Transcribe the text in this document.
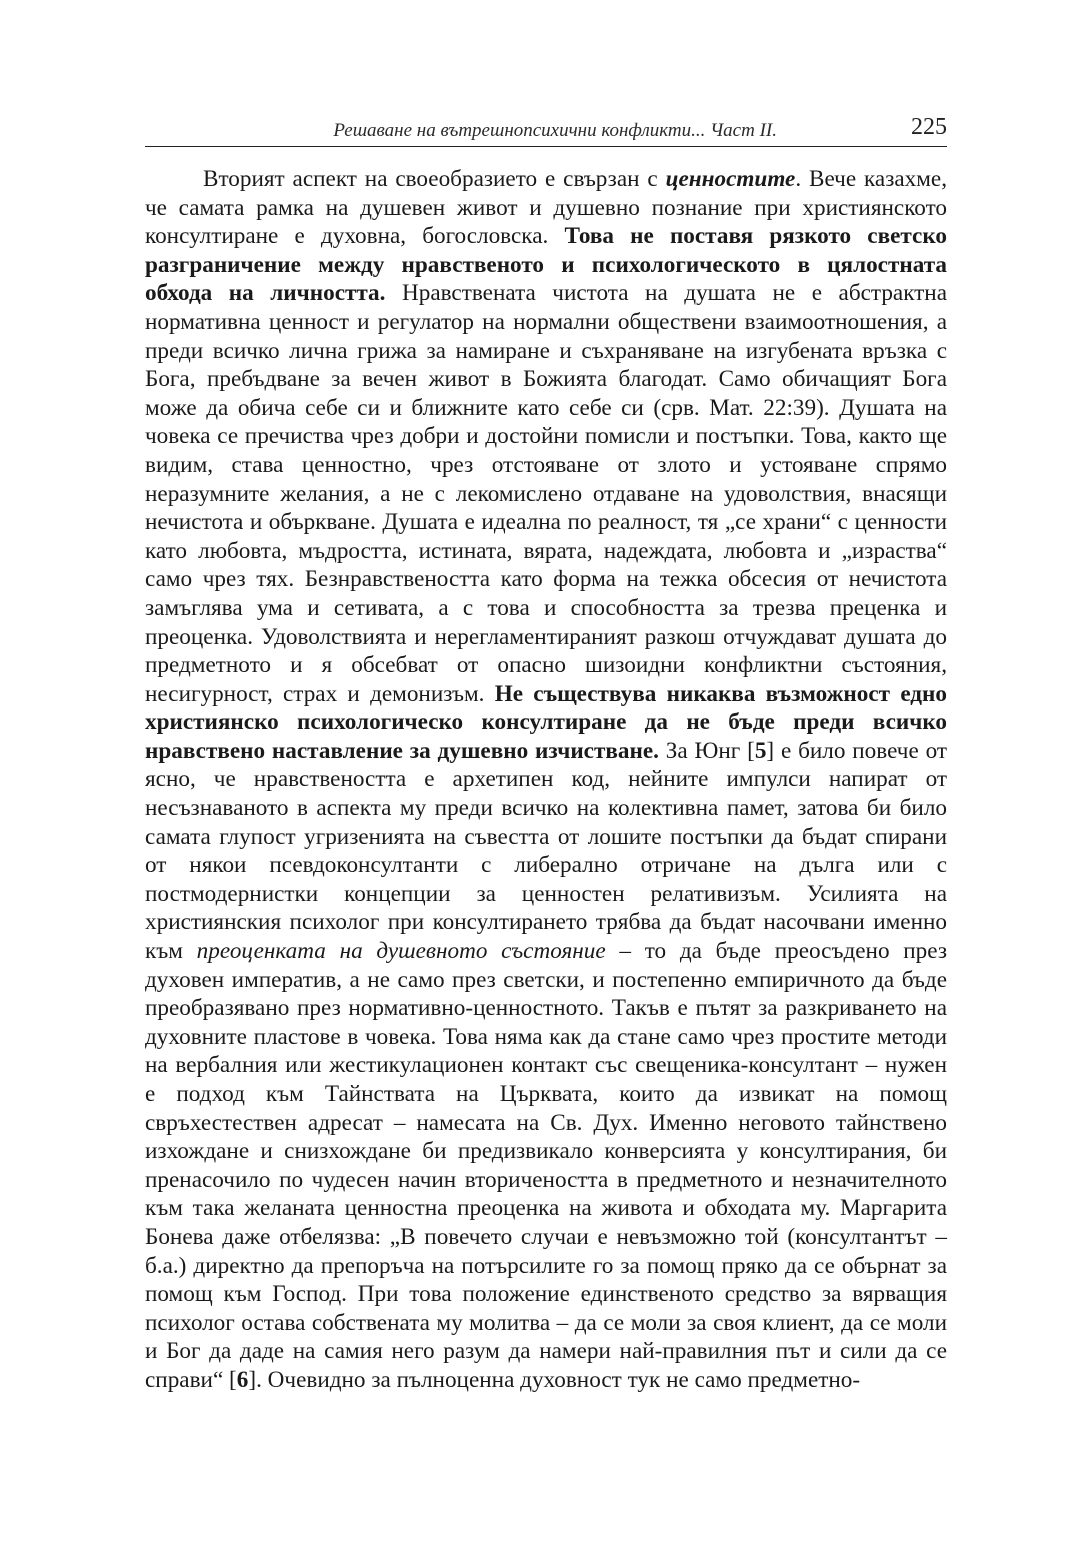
Решаване на вътрешнопсихични конфликти... Част II.	225

Вторият аспект на своеобразието е свързан с ценностите. Вече казахме, че самата рамка на душевен живот и душевно познание при християнското консултиране е духовна, богословска. Това не поставя рязкото светско разграничение между нравственото и психологическото в цялостната обхода на личността. Нравствената чистота на душата не е абстрактна нормативна ценност и регулатор на нормални обществени взаимоотношения, а преди всичко лична грижа за намиране и съхраняване на изгубената връзка с Бога, пребъдване за вечен живот в Божията благодат. Само обичащият Бога може да обича себе си и ближните като себе си (срв. Мат. 22:39). Душата на човека се пречиства чрез добри и достойни помисли и постъпки. Това, както ще видим, става ценностно, чрез отстояване от злото и устояване спрямо неразумните желания, а не с лекомислено отдаване на удоволствия, внасящи нечистота и объркване. Душата е идеална по реалност, тя „се храни“ с ценности като любовта, мъдростта, истината, вярата, надеждата, любовта и „израства“ само чрез тях. Безнравствеността като форма на тежка обсесия от нечистота замъглява ума и сетивата, а с това и способността за трезва преценка и преоценка. Удоволствията и нерегламентираният разкош отчуждават душата до предметното и я обсебват от опасно шизоидни конфликтни състояния, несигурност, страх и демонизъм. Не съществува никаква възможност едно християнско психологическо консултиране да не бъде преди всичко нравствено наставление за душевно изчистване. За Юнг [5] е било повече от ясно, че нравствеността е архетипен код, нейните импулси напират от несъзнаваното в аспекта му преди всичко на колективна памет, затова би било самата глупост угризенията на съвестта от лошите постъпки да бъдат спирани от някои псевдоконсултанти с либерално отричане на дълга или с постмодернистки концепции за ценностен релативизъм. Усилията на християнския психолог при консултирането трябва да бъдат насочвани именно към преоценката на душевното състояние – то да бъде преосъдено през духовен императив, а не само през светски, и постепенно емпиричното да бъде преобразявано през нормативно-ценностното. Такъв е пътят за разкриването на духовните пластове в човека. Това няма как да стане само чрез простите методи на вербалния или жестикулационен контакт със свещеника-консултант – нужен е подход към Тайнствата на Църквата, които да извикат на помощ свръхестествен адресат – намесата на Св. Дух. Именно неговото тайнствено изхождане и снизхождане би предизвикало конверсията у консултирания, би пренасочило по чудесен начин вторичеността в предметното и незначителното към така желаната ценностна преоценка на живота и обходата му. Маргарита Бонева даже отбелязва: „В повечето случаи е невъзможно той (консултантът – б.а.) директно да препоръча на потърсилите го за помощ пряко да се обърнат за помощ към Господ. При това положение единственото средство за вярващия психолог остава собствената му молитва – да се моли за своя клиент, да се моли и Бог да даде на самия него разум да намери най-правилния път и сили да се справи“ [6]. Очевидно за пълноценна духовност тук не само предметно-
